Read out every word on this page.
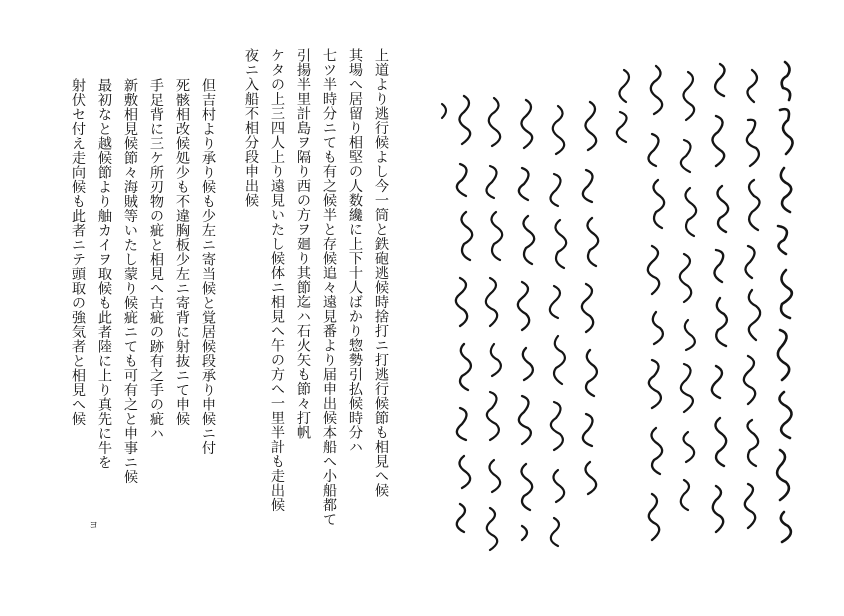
上道より逃行候よし今一筒と鉄砲逃候時捨打ニ打逃行候節も相見へ候
其場へ居留り相堅の人数纔に上下十人ばかり惣勢引払候時分ハ
七ツ半時分ニても有之候半と存候追々遠見番より届申出候本船へ小船都て
引揚半里計島ヲ隔り西の方ヲ廻り其節迄ハ石火矢も節々打帆
ケタの上三四人上り遠見いたし候体ニ相見へ午の方へ一里半計も走出候
夜ニ入船不相分段申出候
但吉村より承り候も少左ニ寄当候と覚居候段承り申候ニ付
死骸相改候処少も不違胸板少左ニ寄背に射抜ニて申候
手足背に三ケ所刃物の疵と相見へ古疵の跡有之手の疵ハ
新敷相見候節々海賊等いたし蒙り候疵ニても可有之と申事ニ候
最初なと越候節より舳カイヲ取候も此者陸に上り真先に牛を
射伏セ付え走向候も此者ニテ頭取の強気者と相見へ候
ヨ
